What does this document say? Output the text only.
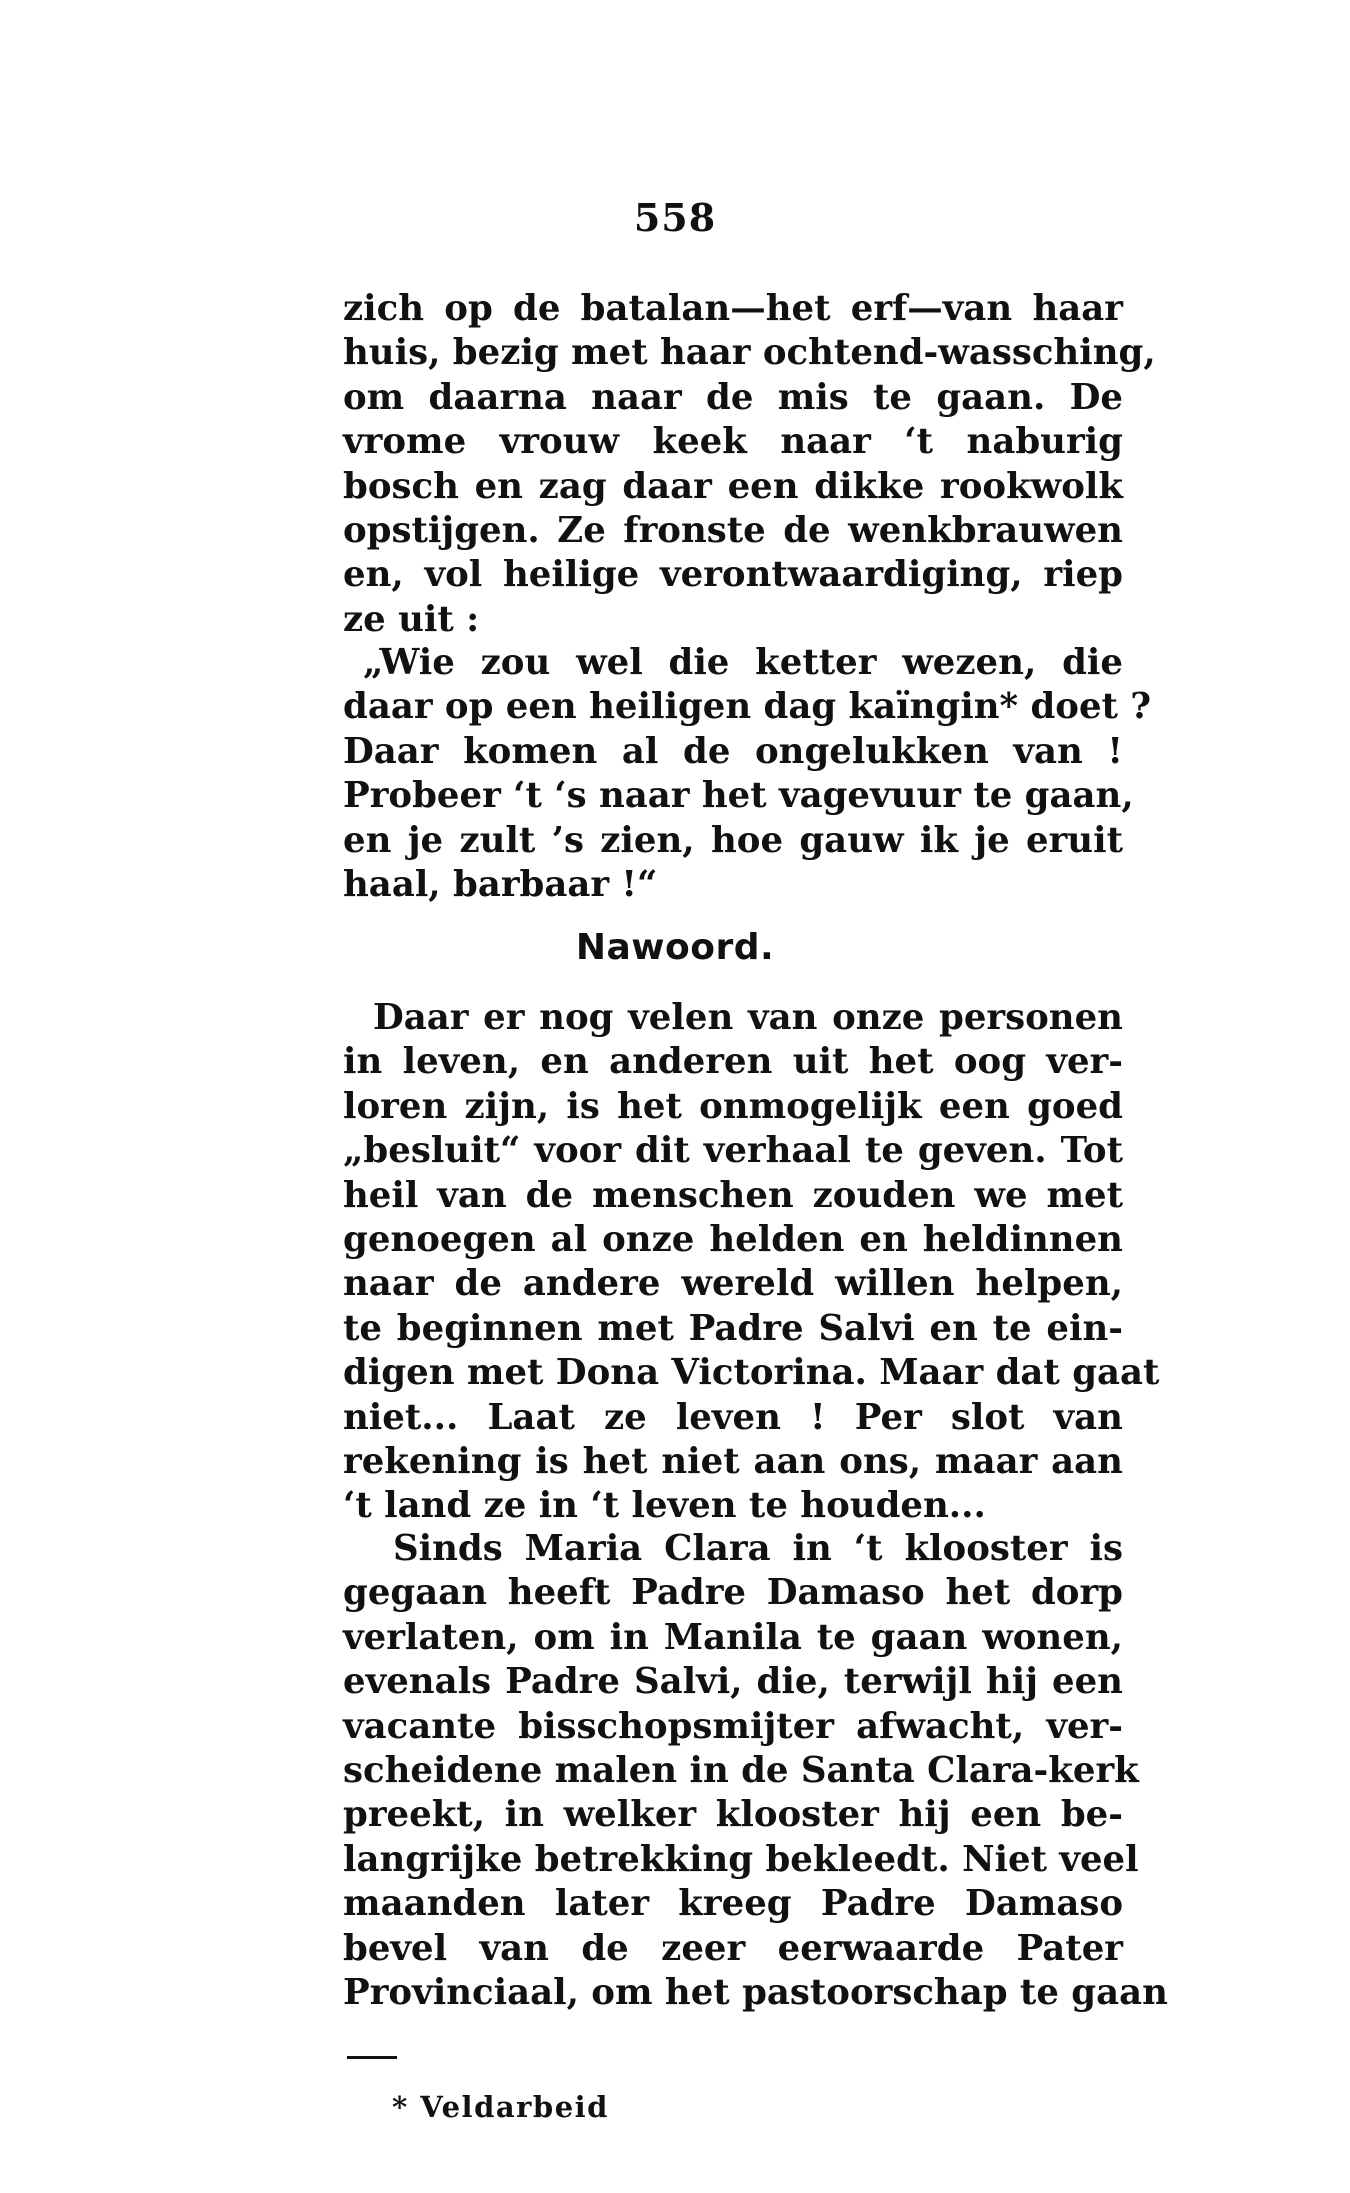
558
zich op de batalan—het erf—van haar
huis, bezig met haar ochtend-wassching,
om daarna naar de mis te gaan. De
vrome vrouw keek naar ‘t naburig
bosch en zag daar een dikke rookwolk
opstijgen. Ze fronste de wenkbrauwen
en, vol heilige verontwaardiging, riep
ze uit :
„Wie zou wel die ketter wezen, die
daar op een heiligen dag kaïngin* doet ?
Daar komen al de ongelukken van !
Probeer ‘t ‘s naar het vagevuur te gaan,
en je zult ’s zien, hoe gauw ik je eruit
haal, barbaar !“
Nawoord.
Daar er nog velen van onze personen
in leven, en anderen uit het oog ver-
loren zijn, is het onmogelijk een goed
„besluit“ voor dit verhaal te geven. Tot
heil van de menschen zouden we met
genoegen al onze helden en heldinnen
naar de andere wereld willen helpen,
te beginnen met Padre Salvi en te ein-
digen met Dona Victorina. Maar dat gaat
niet... Laat ze leven ! Per slot van
rekening is het niet aan ons, maar aan
‘t land ze in ‘t leven te houden...
Sinds Maria Clara in ‘t klooster is
gegaan heeft Padre Damaso het dorp
verlaten, om in Manila te gaan wonen,
evenals Padre Salvi, die, terwijl hij een
vacante bisschopsmijter afwacht, ver-
scheidene malen in de Santa Clara-kerk
preekt, in welker klooster hij een be-
langrijke betrekking bekleedt. Niet veel
maanden later kreeg Padre Damaso
bevel van de zeer eerwaarde Pater
Provinciaal, om het pastoorschap te gaan
* Veldarbeid
